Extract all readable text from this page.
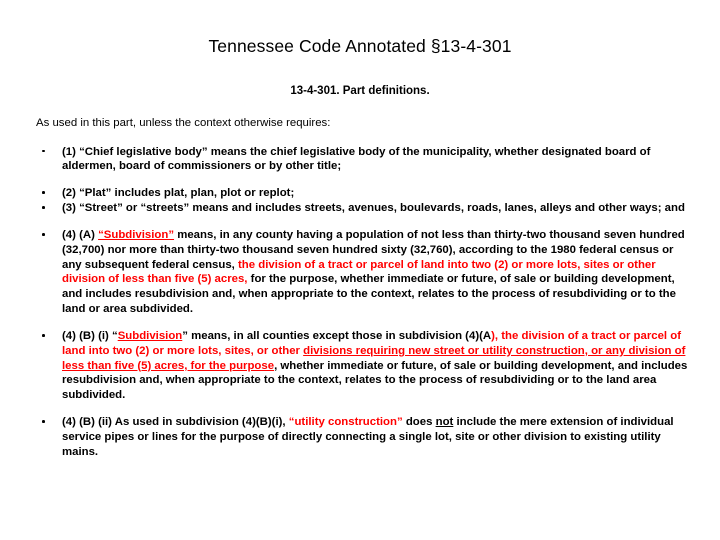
Tennessee Code Annotated §13-4-301
13-4-301. Part definitions.
As used in this part, unless the context otherwise requires:
(1) “Chief legislative body” means the chief legislative body of the municipality, whether designated board of aldermen, board of commissioners or by other title;
(2) “Plat” includes plat, plan, plot or replot;
(3) “Street” or “streets” means and includes streets, avenues, boulevards, roads, lanes, alleys and other ways; and
(4) (A) “Subdivision” means, in any county having a population of not less than thirty-two thousand seven hundred (32,700) nor more than thirty-two thousand seven hundred sixty (32,760), according to the 1980 federal census or any subsequent federal census, the division of a tract or parcel of land into two (2) or more lots, sites or other division of less than five (5) acres, for the purpose, whether immediate or future, of sale or building development, and includes resubdivision and, when appropriate to the context, relates to the process of resubdividing or to the land or area subdivided.
(4) (B) (i) “Subdivision” means, in all counties except those in subdivision (4)(A), the division of a tract or parcel of land into two (2) or more lots, sites, or other divisions requiring new street or utility construction, or any division of less than five (5) acres, for the purpose, whether immediate or future, of sale or building development, and includes resubdivision and, when appropriate to the context, relates to the process of resubdividing or to the land area subdivided.
(4) (B) (ii) As used in subdivision (4)(B)(i), “utility construction” does not include the mere extension of individual service pipes or lines for the purpose of directly connecting a single lot, site or other division to existing utility mains.
